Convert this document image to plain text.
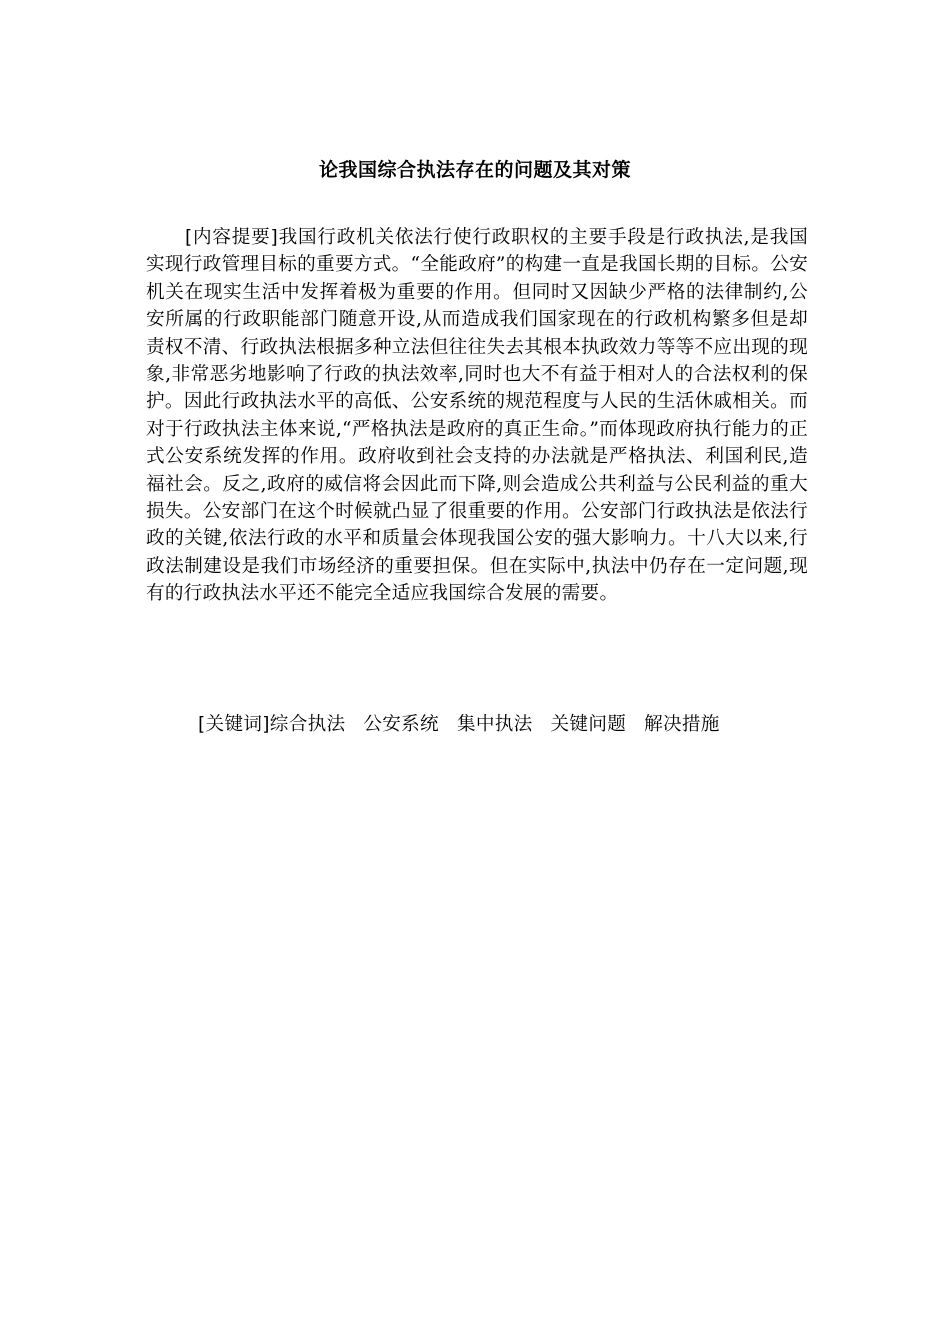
论我国综合执法存在的问题及其对策

[内容提要]我国行政机关依法行使行政职权的主要手段是行政执法,是我国实现行政管理目标的重要方式。“全能政府”的构建一直是我国长期的目标。公安机关在现实生活中发挥着极为重要的作用。但同时又因缺少严格的法律制约,公安所属的行政职能部门随意开设,从而造成我们国家现在的行政机构繁多但是却责权不清、行政执法根据多种立法但往往失去其根本执政效力等等不应出现的现象,非常恶劣地影响了行政的执法效率,同时也大不有益于相对人的合法权利的保护。因此行政执法水平的高低、公安系统的规范程度与人民的生活休戚相关。而对于行政执法主体来说,“严格执法是政府的真正生命。”而体现政府执行能力的正式公安系统发挥的作用。政府收到社会支持的办法就是严格执法、利国利民,造福社会。反之,政府的威信将会因此而下降,则会造成公共利益与公民利益的重大损失。公安部门在这个时候就凸显了很重要的作用。公安部门行政执法是依法行政的关键,依法行政的水平和质量会体现我国公安的强大影响力。十八大以来,行政法制建设是我们市场经济的重要担保。但在实际中,执法中仍存在一定问题,现有的行政执法水平还不能完全适应我国综合发展的需要。

[关键词]综合执法 公安系统 集中执法 关键问题 解决措施
